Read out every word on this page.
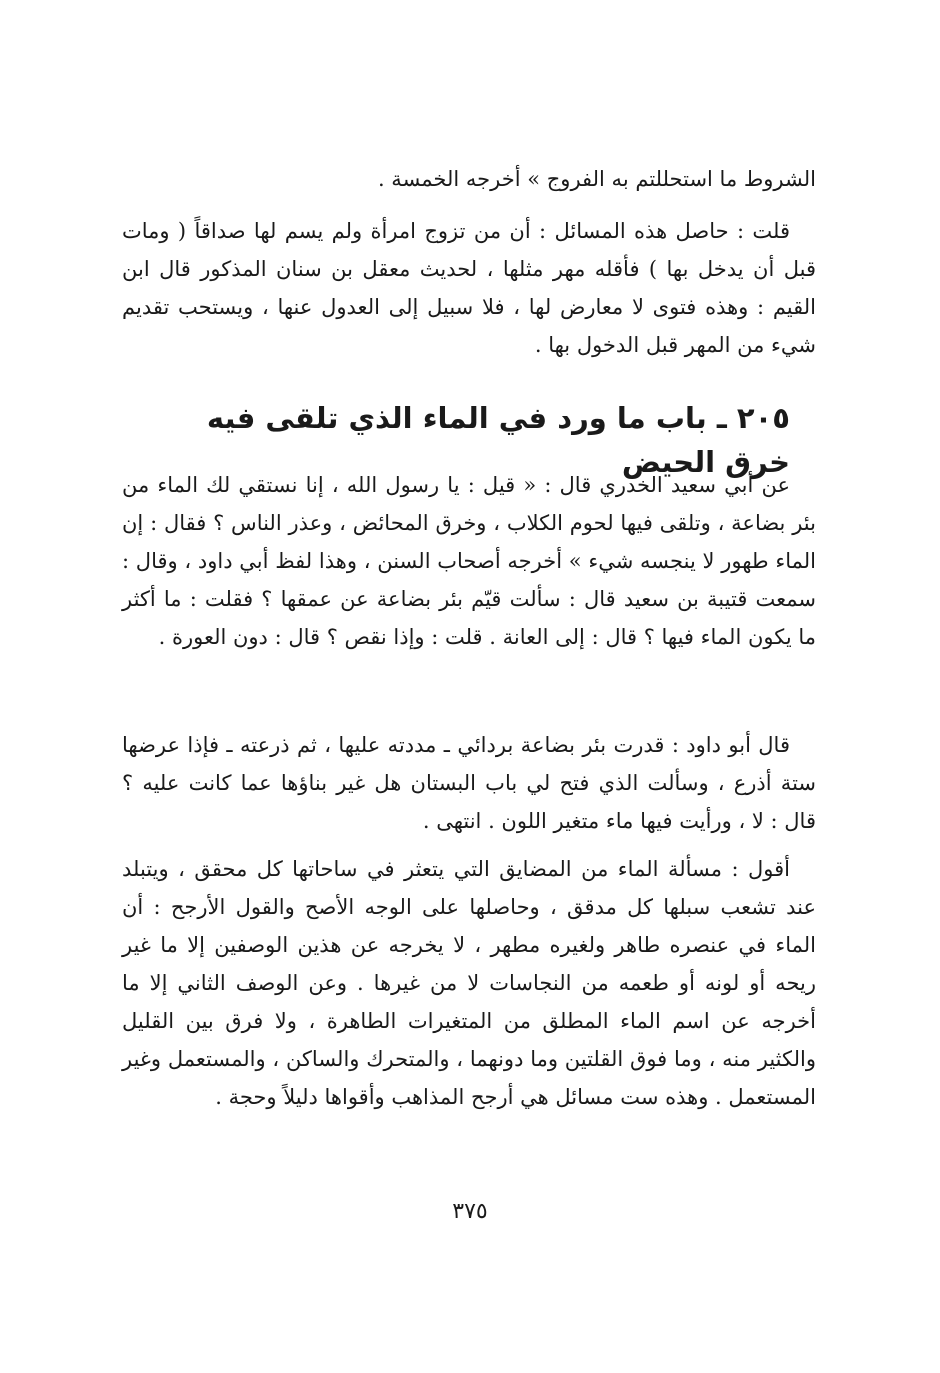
الشروط ما استحللتم به الفروج » أخرجه الخمسة .

قلت : حاصل هذه المسائل : أن من تزوج امرأة ولم يسم لها صداقاً ( ومات قبل أن يدخل بها ) فأقله مهر مثلها ، لحديث معقل بن سنان المذكور قال ابن القيم : وهذه فتوى لا معارض لها ، فلا سبيل إلى العدول عنها ، ويستحب تقديم شيء من المهر قبل الدخول بها .

٢٠٥ ـ باب ما ورد في الماء الذي تلقى فيه خرق الحيض

عن أبي سعيد الخدري قال : « قيل : يا رسول الله ، إنا نستقي لك الماء من بئر بضاعة ، وتلقى فيها لحوم الكلاب ، وخرق المحائض ، وعذر الناس ؟ فقال : إن الماء طهور لا ينجسه شيء » أخرجه أصحاب السنن ، وهذا لفظ أبي داود ، وقال : سمعت قتيبة بن سعيد قال : سألت قيّم بئر بضاعة عن عمقها ؟ فقلت : ما أكثر ما يكون الماء فيها ؟ قال : إلى العانة . قلت : وإذا نقص ؟ قال : دون العورة .

قال أبو داود : قدرت بئر بضاعة بردائي ـ مددته عليها ، ثم ذرعته ـ فإذا عرضها ستة أذرع ، وسألت الذي فتح لي باب البستان هل غير بناؤها عما كانت عليه ؟ قال : لا ، ورأيت فيها ماء متغير اللون . انتهى .

أقول : مسألة الماء من المضايق التي يتعثر في ساحاتها كل محقق ، ويتبلد عند تشعب سبلها كل مدقق ، وحاصلها على الوجه الأصح والقول الأرجح : أن الماء في عنصره طاهر ولغيره مطهر ، لا يخرجه عن هذين الوصفين إلا ما غير ريحه أو لونه أو طعمه من النجاسات لا من غيرها . وعن الوصف الثاني إلا ما أخرجه عن اسم الماء المطلق من المتغيرات الطاهرة ، ولا فرق بين القليل والكثير منه ، وما فوق القلتين وما دونهما ، والمتحرك والساكن ، والمستعمل وغير المستعمل . وهذه ست مسائل هي أرجح المذاهب وأقواها دليلاً وحجة .

٣٧٥
